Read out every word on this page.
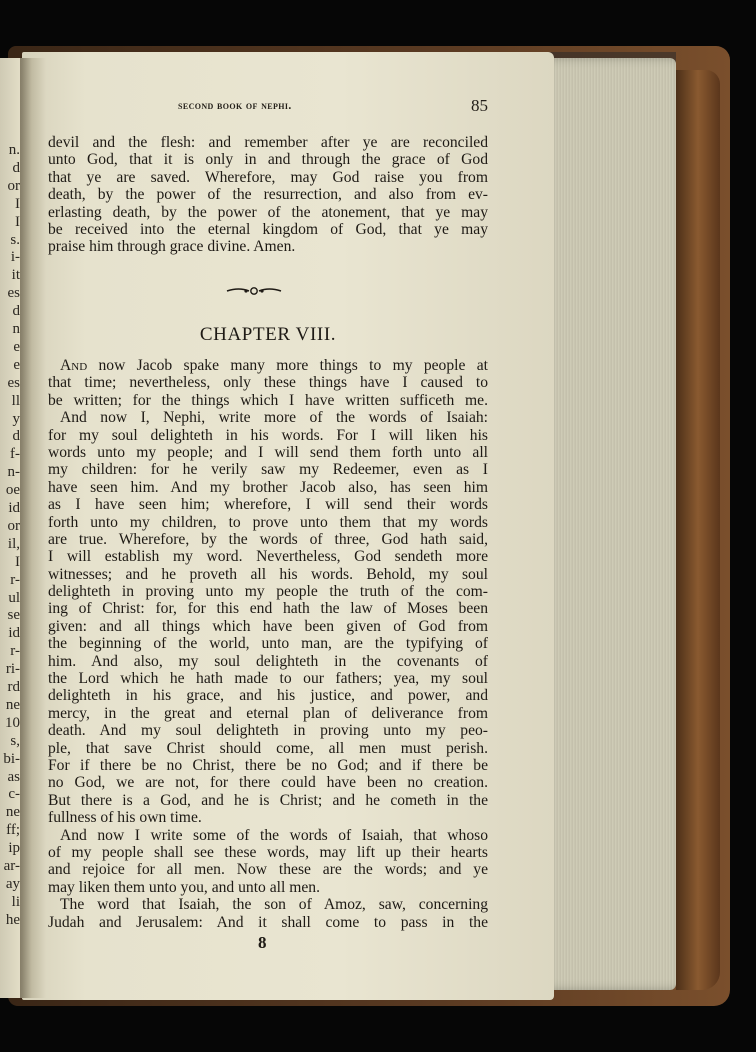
n.
d
or
I
I
s.
i-
it
es
d
n
e
e
es
ll
y
d
f-
n-
oe
id
or
il,
I
r-
ul
se
id
r-
ri-
rd
ne
10
s,
bi-
as
c-
ne
ff;
ip
ar-
ay
li
he
second book of nephi.	85
devil and the flesh: and remember after ye are reconciled
unto God, that it is only in and through the grace of God
that ye are saved. Wherefore, may God raise you from
death, by the power of the resurrection, and also from ev-
erlasting death, by the power of the atonement, that ye may
be received into the eternal kingdom of God, that ye may
praise him through grace divine. Amen.
CHAPTER VIII.
And now Jacob spake many more things to my people at
that time; nevertheless, only these things have I caused to
be written; for the things which I have written sufficeth me.
And now I, Nephi, write more of the words of Isaiah:
for my soul delighteth in his words. For I will liken his
words unto my people; and I will send them forth unto all
my children: for he verily saw my Redeemer, even as I
have seen him. And my brother Jacob also, has seen him
as I have seen him; wherefore, I will send their words
forth unto my children, to prove unto them that my words
are true. Wherefore, by the words of three, God hath said,
I will establish my word. Nevertheless, God sendeth more
witnesses; and he proveth all his words. Behold, my soul
delighteth in proving unto my people the truth of the com-
ing of Christ: for, for this end hath the law of Moses been
given: and all things which have been given of God from
the beginning of the world, unto man, are the typifying of
him. And also, my soul delighteth in the covenants of
the Lord which he hath made to our fathers; yea, my soul
delighteth in his grace, and his justice, and power, and
mercy, in the great and eternal plan of deliverance from
death. And my soul delighteth in proving unto my peo-
ple, that save Christ should come, all men must perish.
For if there be no Christ, there be no God; and if there be
no God, we are not, for there could have been no creation.
But there is a God, and he is Christ; and he cometh in the
fullness of his own time.
And now I write some of the words of Isaiah, that whoso
of my people shall see these words, may lift up their hearts
and rejoice for all men. Now these are the words; and ye
may liken them unto you, and unto all men.
The word that Isaiah, the son of Amoz, saw, concerning
Judah and Jerusalem: And it shall come to pass in the
8
